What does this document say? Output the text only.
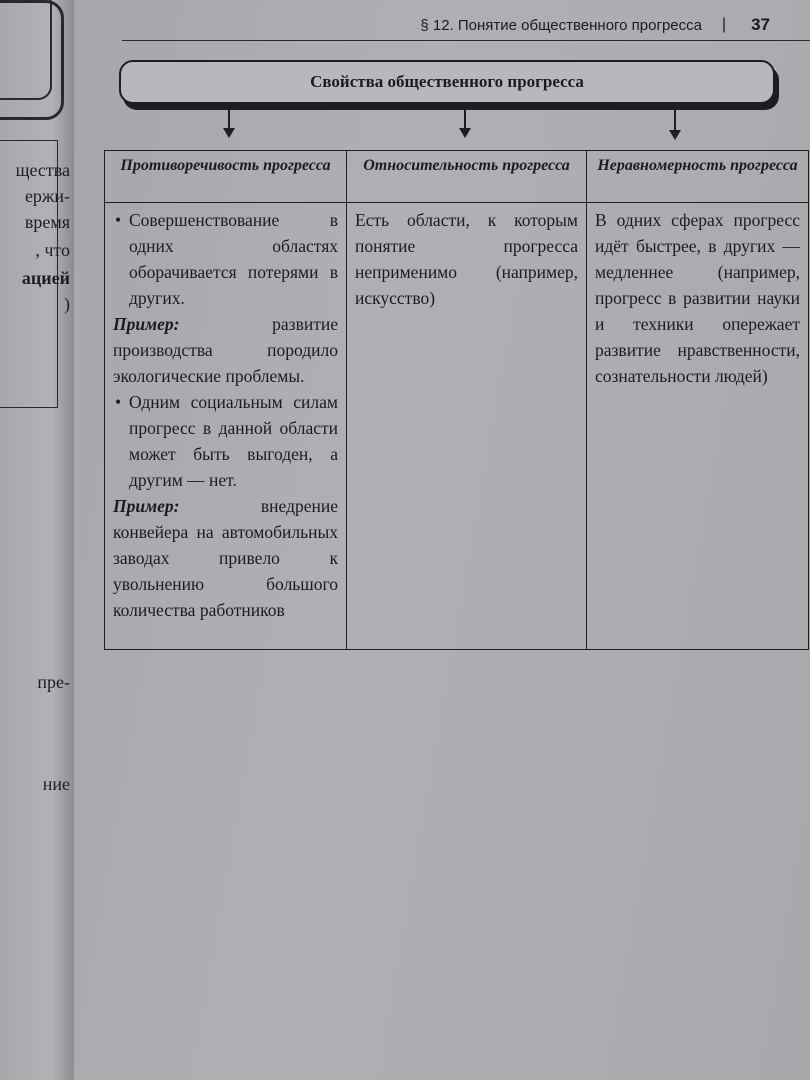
щества
ержи-
время
, что
ацией
)
пре-
ние
§ 12. Понятие общественного прогресса | 37
Свойства общественного прогресса
Противоречивость прогресса	Относительность прогресса	Неравномерность прогресса

• Совершенствование в одних областях оборачивается потерями в других.
Пример: развитие производства породило экологические проблемы.
• Одним социальным силам прогресс в данной области может быть выгоден, а другим — нет.
Пример: внедрение конвейера на автомобильных заводах привело к увольнению большого количества работников	Есть области, к которым понятие прогресса неприменимо (например, искусство)	В одних сферах прогресс идёт быстрее, в других — медленнее (например, прогресс в развитии науки и техники опережает развитие нравственности, сознательности людей)
